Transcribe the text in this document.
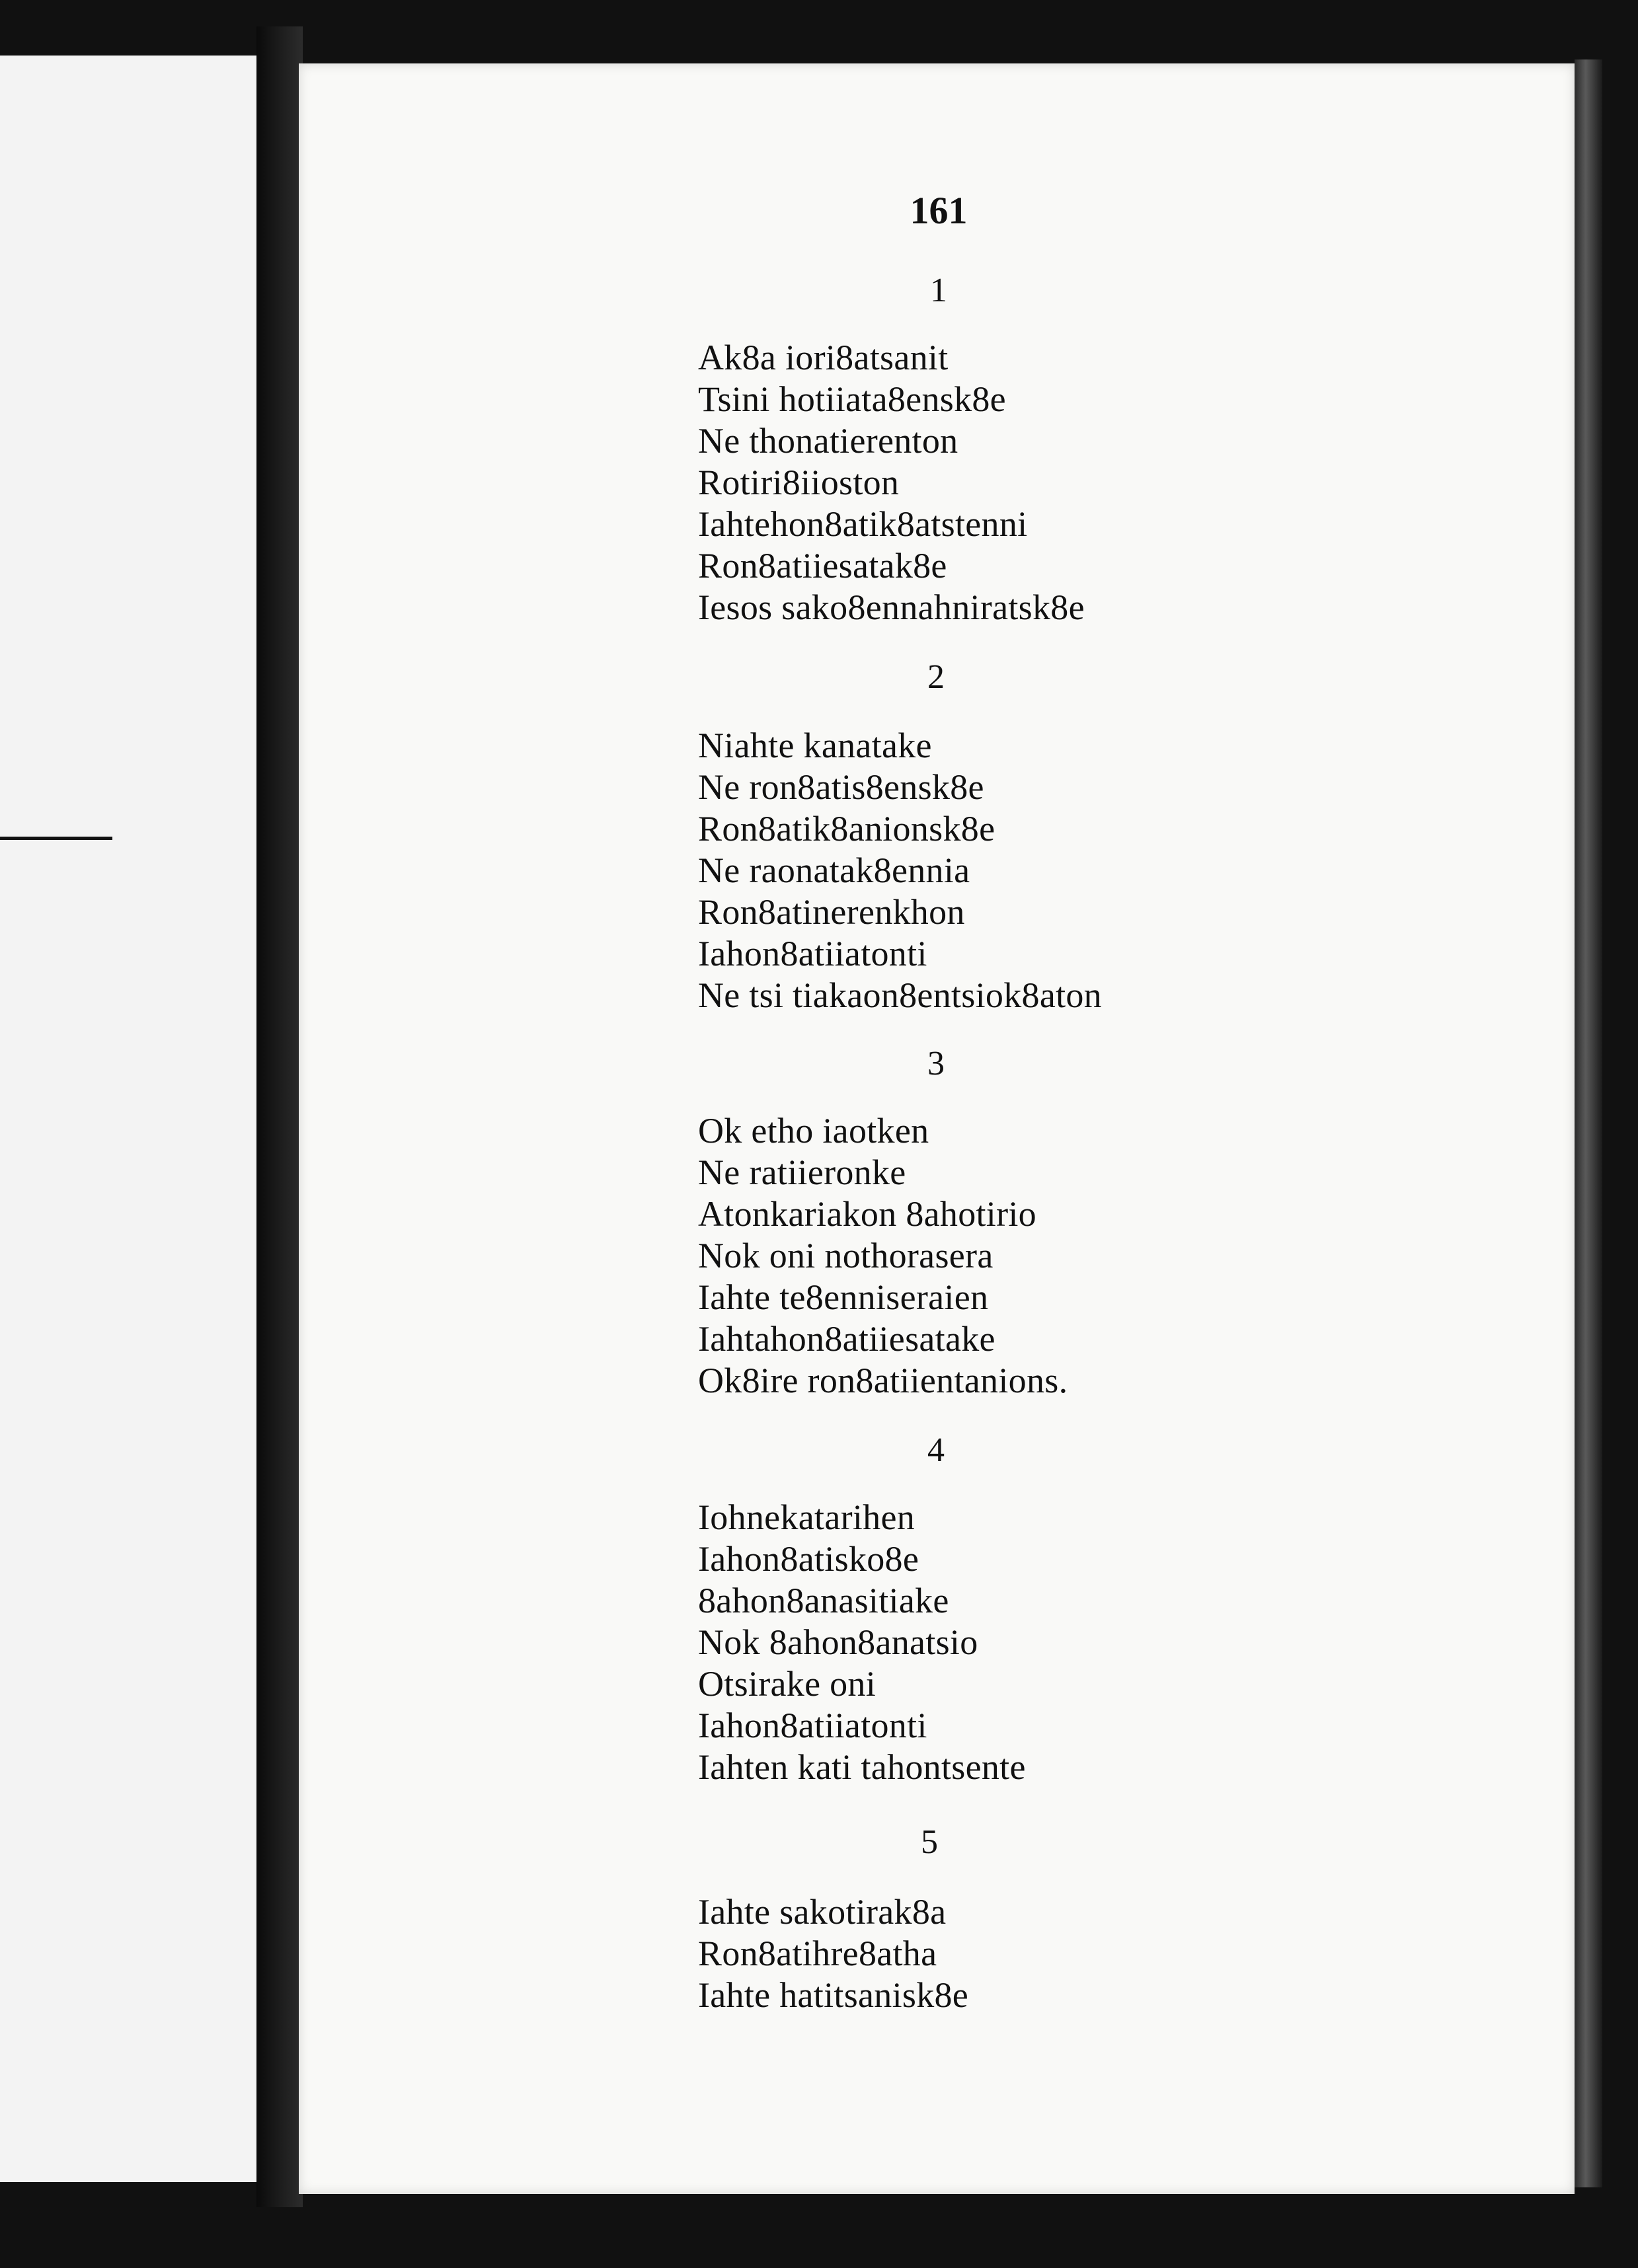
161
1
Ak8a iori8atsanit
Tsini hotiiata8ensk8e
Ne thonatierenton
Rotiri8iioston
Iahtehon8atik8atstenni
Ron8atiiesatak8e
Iesos sako8ennahniratsk8e
2
Niahte kanatake
Ne ron8atis8ensk8e
Ron8atik8anionsk8e
Ne raonatak8ennia
Ron8atinerenkhon
Iahon8atiiatonti
Ne tsi tiakaon8entsiok8aton
3
Ok etho iaotken
Ne ratiieronke
Atonkariakon 8ahotirio
Nok oni nothorasera
Iahte te8enniseraien
Iahtahon8atiiesatake
Ok8ire ron8atiientanions.
4
Iohnekatarihen
Iahon8atisko8e
8ahon8anasitiake
Nok 8ahon8anatsio
Otsirake oni
Iahon8atiiatonti
Iahten kati tahontsente
5
Iahte sakotirak8a
Ron8atihre8atha
Iahte hatitsanisk8e
